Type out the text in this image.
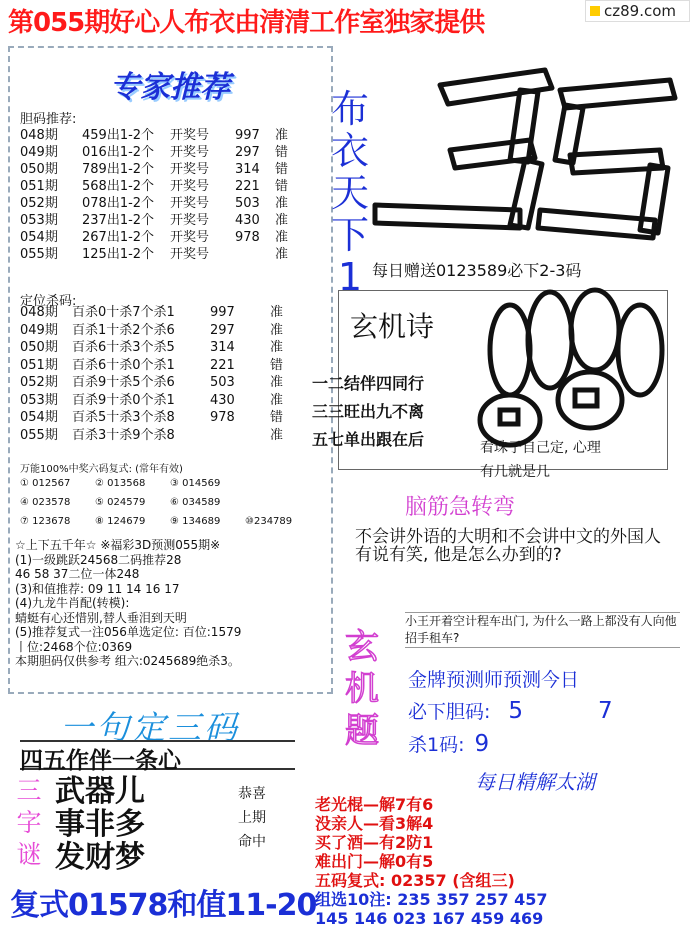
第055期好心人布衣由清清工作室独家提供	cz89.com
专家推荐
胆码推荐:
048期 459出1-2个 开奖号 997 准
049期 016出1-2个 开奖号 297 错
050期 789出1-2个 开奖号 314 错
051期 568出1-2个 开奖号 221 错
052期 078出1-2个 开奖号 503 准
053期 237出1-2个 开奖号 430 准
054期 267出1-2个 开奖号 978 准
055期 125出1-2个 开奖号	准
定位杀码:
048期 百杀0十杀7个杀1	997	准
049期 百杀1十杀2个杀6	297	准
050期 百杀6十杀3个杀5	314	准
051期 百杀6十杀0个杀1	221	错
052期 百杀9十杀5个杀6	503	准
053期 百杀9十杀0个杀1	430	准
054期 百杀5十杀3个杀8	978	错
055期 百杀3十杀9个杀8	准
万能100%中奖六码复式: (常年有效)
① 012567 ② 013568 ③ 014569
④ 023578 ⑤ 024579 ⑥ 034589
⑦ 123678 ⑧ 124679 ⑨ 134689 ⑩234789
☆上下五千年☆ ※福彩3D预测055期※
(1)一级跳跃24568二码推荐28
46 58 37二位一体248
(3)和值推荐: 09 11 14 16 17
(4)九龙牛肖配(转模):
蜻蜓有心还惜别,替人垂泪到天明
(5)推荐复式一注056单选定位: 百位:1579
丨位:2468个位:0369
本期胆码仅供参考 组六:0245689绝杀3。
一句定三码
四五作伴一条心
三字谜
武器儿
事非多
发财梦
恭喜
上期
命中
复式01578和值11-20
布
衣
天
下
1 每日赠送0123589必下2-3码
玄机诗
一二结伴四同行
三三旺出九不离
五七单出跟在后	看珠子自己定, 心理
有几就是几
脑筋急转弯
不会讲外语的大明和不会讲中文的外国人有说有笑, 他是怎么办到的?
玄
机
题
小王开着空计程车出门, 为什么一路上都没有人向他招手租车?
金牌预测师预测今日
必下胆码: 5	7
杀1码: 9
每日精解太湖
老光棍—解7有6
没亲人—看3解4
买了酒—有2防1
难出门—解0有5
五码复式: 02357 (含组三)
组选10注: 235 357 257 457
145 146 023 167 459 469
